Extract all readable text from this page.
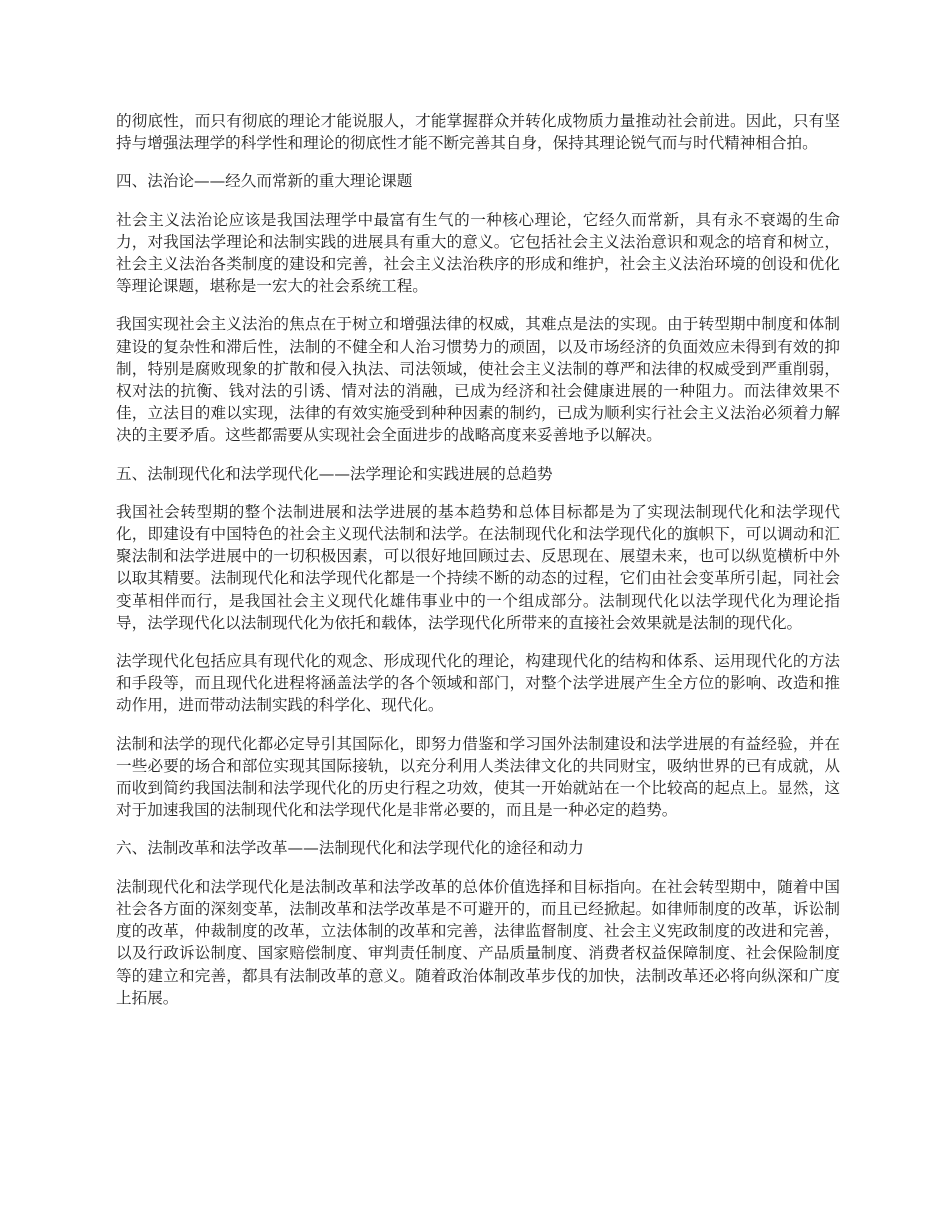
的彻底性，而只有彻底的理论才能说服人，才能掌握群众并转化成物质力量推动社会前进。因此，只有坚持与增强法理学的科学性和理论的彻底性才能不断完善其自身，保持其理论锐气而与时代精神相合拍。

四、法治论——经久而常新的重大理论课题

社会主义法治论应该是我国法理学中最富有生气的一种核心理论，它经久而常新，具有永不衰竭的生命力，对我国法学理论和法制实践的进展具有重大的意义。它包括社会主义法治意识和观念的培育和树立，社会主义法治各类制度的建设和完善，社会主义法治秩序的形成和维护，社会主义法治环境的创设和优化等理论课题，堪称是一宏大的社会系统工程。

我国实现社会主义法治的焦点在于树立和增强法律的权威，其难点是法的实现。由于转型期中制度和体制建设的复杂性和滞后性，法制的不健全和人治习惯势力的顽固，以及市场经济的负面效应未得到有效的抑制，特别是腐败现象的扩散和侵入执法、司法领域，使社会主义法制的尊严和法律的权威受到严重削弱，权对法的抗衡、钱对法的引诱、情对法的消融，已成为经济和社会健康进展的一种阻力。而法律效果不佳，立法目的难以实现，法律的有效实施受到种种因素的制约，已成为顺利实行社会主义法治必须着力解决的主要矛盾。这些都需要从实现社会全面进步的战略高度来妥善地予以解决。

五、法制现代化和法学现代化——法学理论和实践进展的总趋势

我国社会转型期的整个法制进展和法学进展的基本趋势和总体目标都是为了实现法制现代化和法学现代化，即建设有中国特色的社会主义现代法制和法学。在法制现代化和法学现代化的旗帜下，可以调动和汇聚法制和法学进展中的一切积极因素，可以很好地回顾过去、反思现在、展望未来，也可以纵览横析中外以取其精要。法制现代化和法学现代化都是一个持续不断的动态的过程，它们由社会变革所引起，同社会变革相伴而行，是我国社会主义现代化雄伟事业中的一个组成部分。法制现代化以法学现代化为理论指导，法学现代化以法制现代化为依托和载体，法学现代化所带来的直接社会效果就是法制的现代化。

法学现代化包括应具有现代化的观念、形成现代化的理论，构建现代化的结构和体系、运用现代化的方法和手段等，而且现代化进程将涵盖法学的各个领域和部门，对整个法学进展产生全方位的影响、改造和推动作用，进而带动法制实践的科学化、现代化。

法制和法学的现代化都必定导引其国际化，即努力借鉴和学习国外法制建设和法学进展的有益经验，并在一些必要的场合和部位实现其国际接轨，以充分利用人类法律文化的共同财宝，吸纳世界的已有成就，从而收到简约我国法制和法学现代化的历史行程之功效，使其一开始就站在一个比较高的起点上。显然，这对于加速我国的法制现代化和法学现代化是非常必要的，而且是一种必定的趋势。

六、法制改革和法学改革——法制现代化和法学现代化的途径和动力

法制现代化和法学现代化是法制改革和法学改革的总体价值选择和目标指向。在社会转型期中，随着中国社会各方面的深刻变革，法制改革和法学改革是不可避开的，而且已经掀起。如律师制度的改革，诉讼制度的改革，仲裁制度的改革，立法体制的改革和完善，法律监督制度、社会主义宪政制度的改进和完善，以及行政诉讼制度、国家赔偿制度、审判责任制度、产品质量制度、消费者权益保障制度、社会保险制度等的建立和完善，都具有法制改革的意义。随着政治体制改革步伐的加快，法制改革还必将向纵深和广度上拓展。
